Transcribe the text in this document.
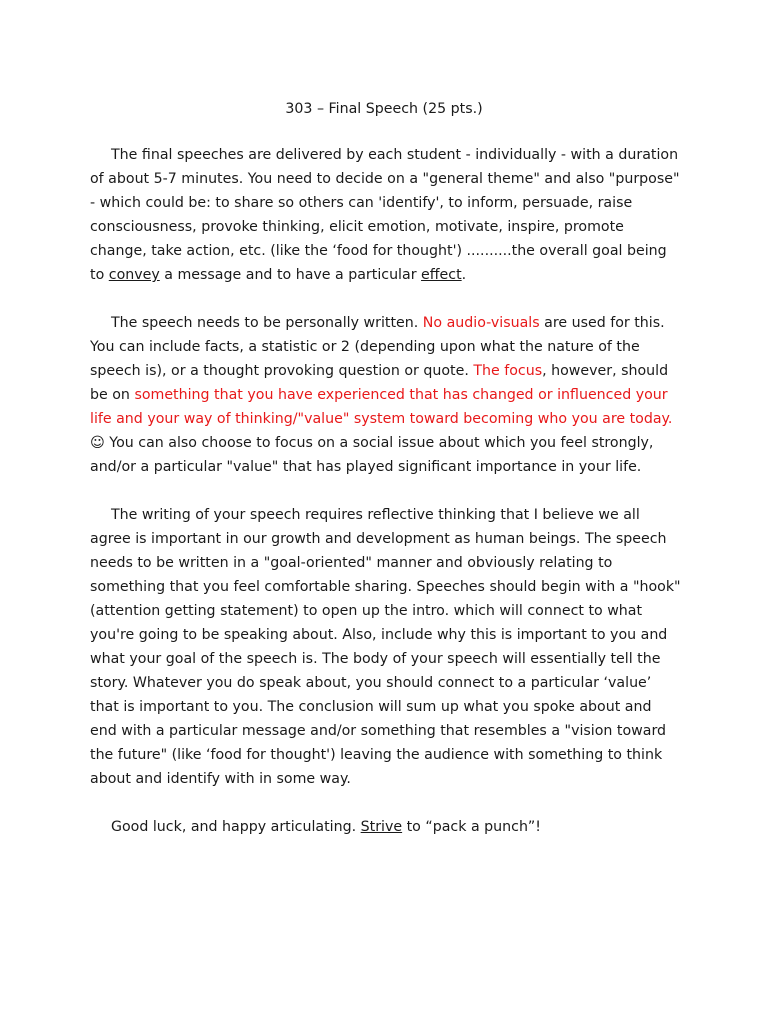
303 – Final Speech (25 pts.)

The final speeches are delivered by each student - individually - with a duration of about 5-7 minutes. You need to decide on a "general theme" and also "purpose" - which could be: to share so others can 'identify', to inform, persuade, raise consciousness, provoke thinking, elicit emotion, motivate, inspire, promote change, take action, etc. (like the ‘food for thought') ..........the overall goal being to convey a message and to have a particular effect.

The speech needs to be personally written. No audio-visuals are used for this. You can include facts, a statistic or 2 (depending upon what the nature of the speech is), or a thought provoking question or quote. The focus, however, should be on something that you have experienced that has changed or influenced your life and your way of thinking/"value" system toward becoming who you are today.
☺ You can also choose to focus on a social issue about which you feel strongly, and/or a particular "value" that has played significant importance in your life.

The writing of your speech requires reflective thinking that I believe we all agree is important in our growth and development as human beings. The speech needs to be written in a "goal-oriented" manner and obviously relating to something that you feel comfortable sharing. Speeches should begin with a "hook" (attention getting statement) to open up the intro. which will connect to what you're going to be speaking about. Also, include why this is important to you and what your goal of the speech is. The body of your speech will essentially tell the story. Whatever you do speak about, you should connect to a particular ‘value’ that is important to you. The conclusion will sum up what you spoke about and end with a particular message and/or something that resembles a "vision toward the future" (like ‘food for thought') leaving the audience with something to think about and identify with in some way.

Good luck, and happy articulating. Strive to “pack a punch”!
